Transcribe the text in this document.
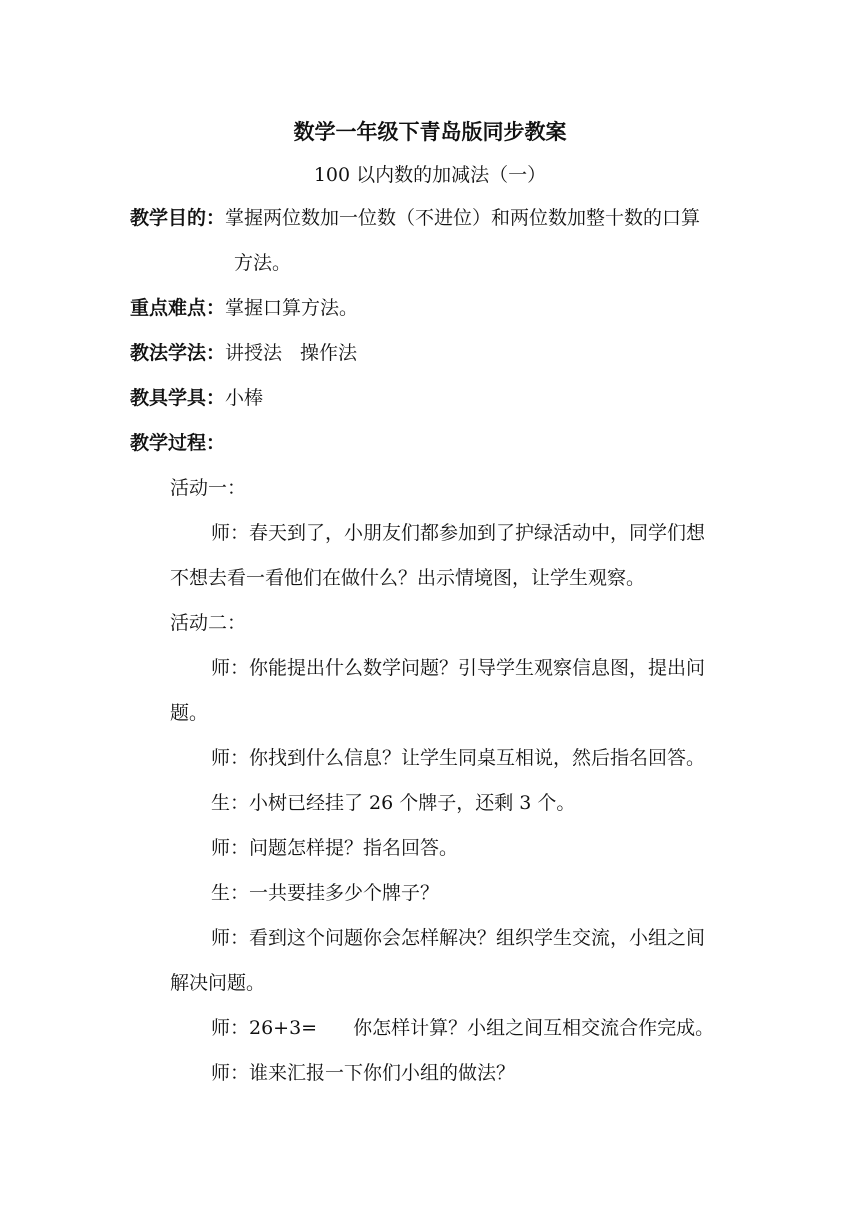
数学一年级下青岛版同步教案
100 以内数的加减法（一）
教学目的：掌握两位数加一位数（不进位）和两位数加整十数的口算
方法。
重点难点：掌握口算方法。
教法学法：讲授法 操作法
教具学具：小棒
教学过程：
活动一：
师：春天到了，小朋友们都参加到了护绿活动中，同学们想
不想去看一看他们在做什么？出示情境图，让学生观察。
活动二：
师：你能提出什么数学问题？引导学生观察信息图，提出问
题。
师：你找到什么信息？让学生同桌互相说，然后指名回答。
生：小树已经挂了 26 个牌子，还剩 3 个。
师：问题怎样提？指名回答。
生：一共要挂多少个牌子？
师：看到这个问题你会怎样解决？组织学生交流，小组之间
解决问题。
师：26+3= 你怎样计算？小组之间互相交流合作完成。
师：谁来汇报一下你们小组的做法？
